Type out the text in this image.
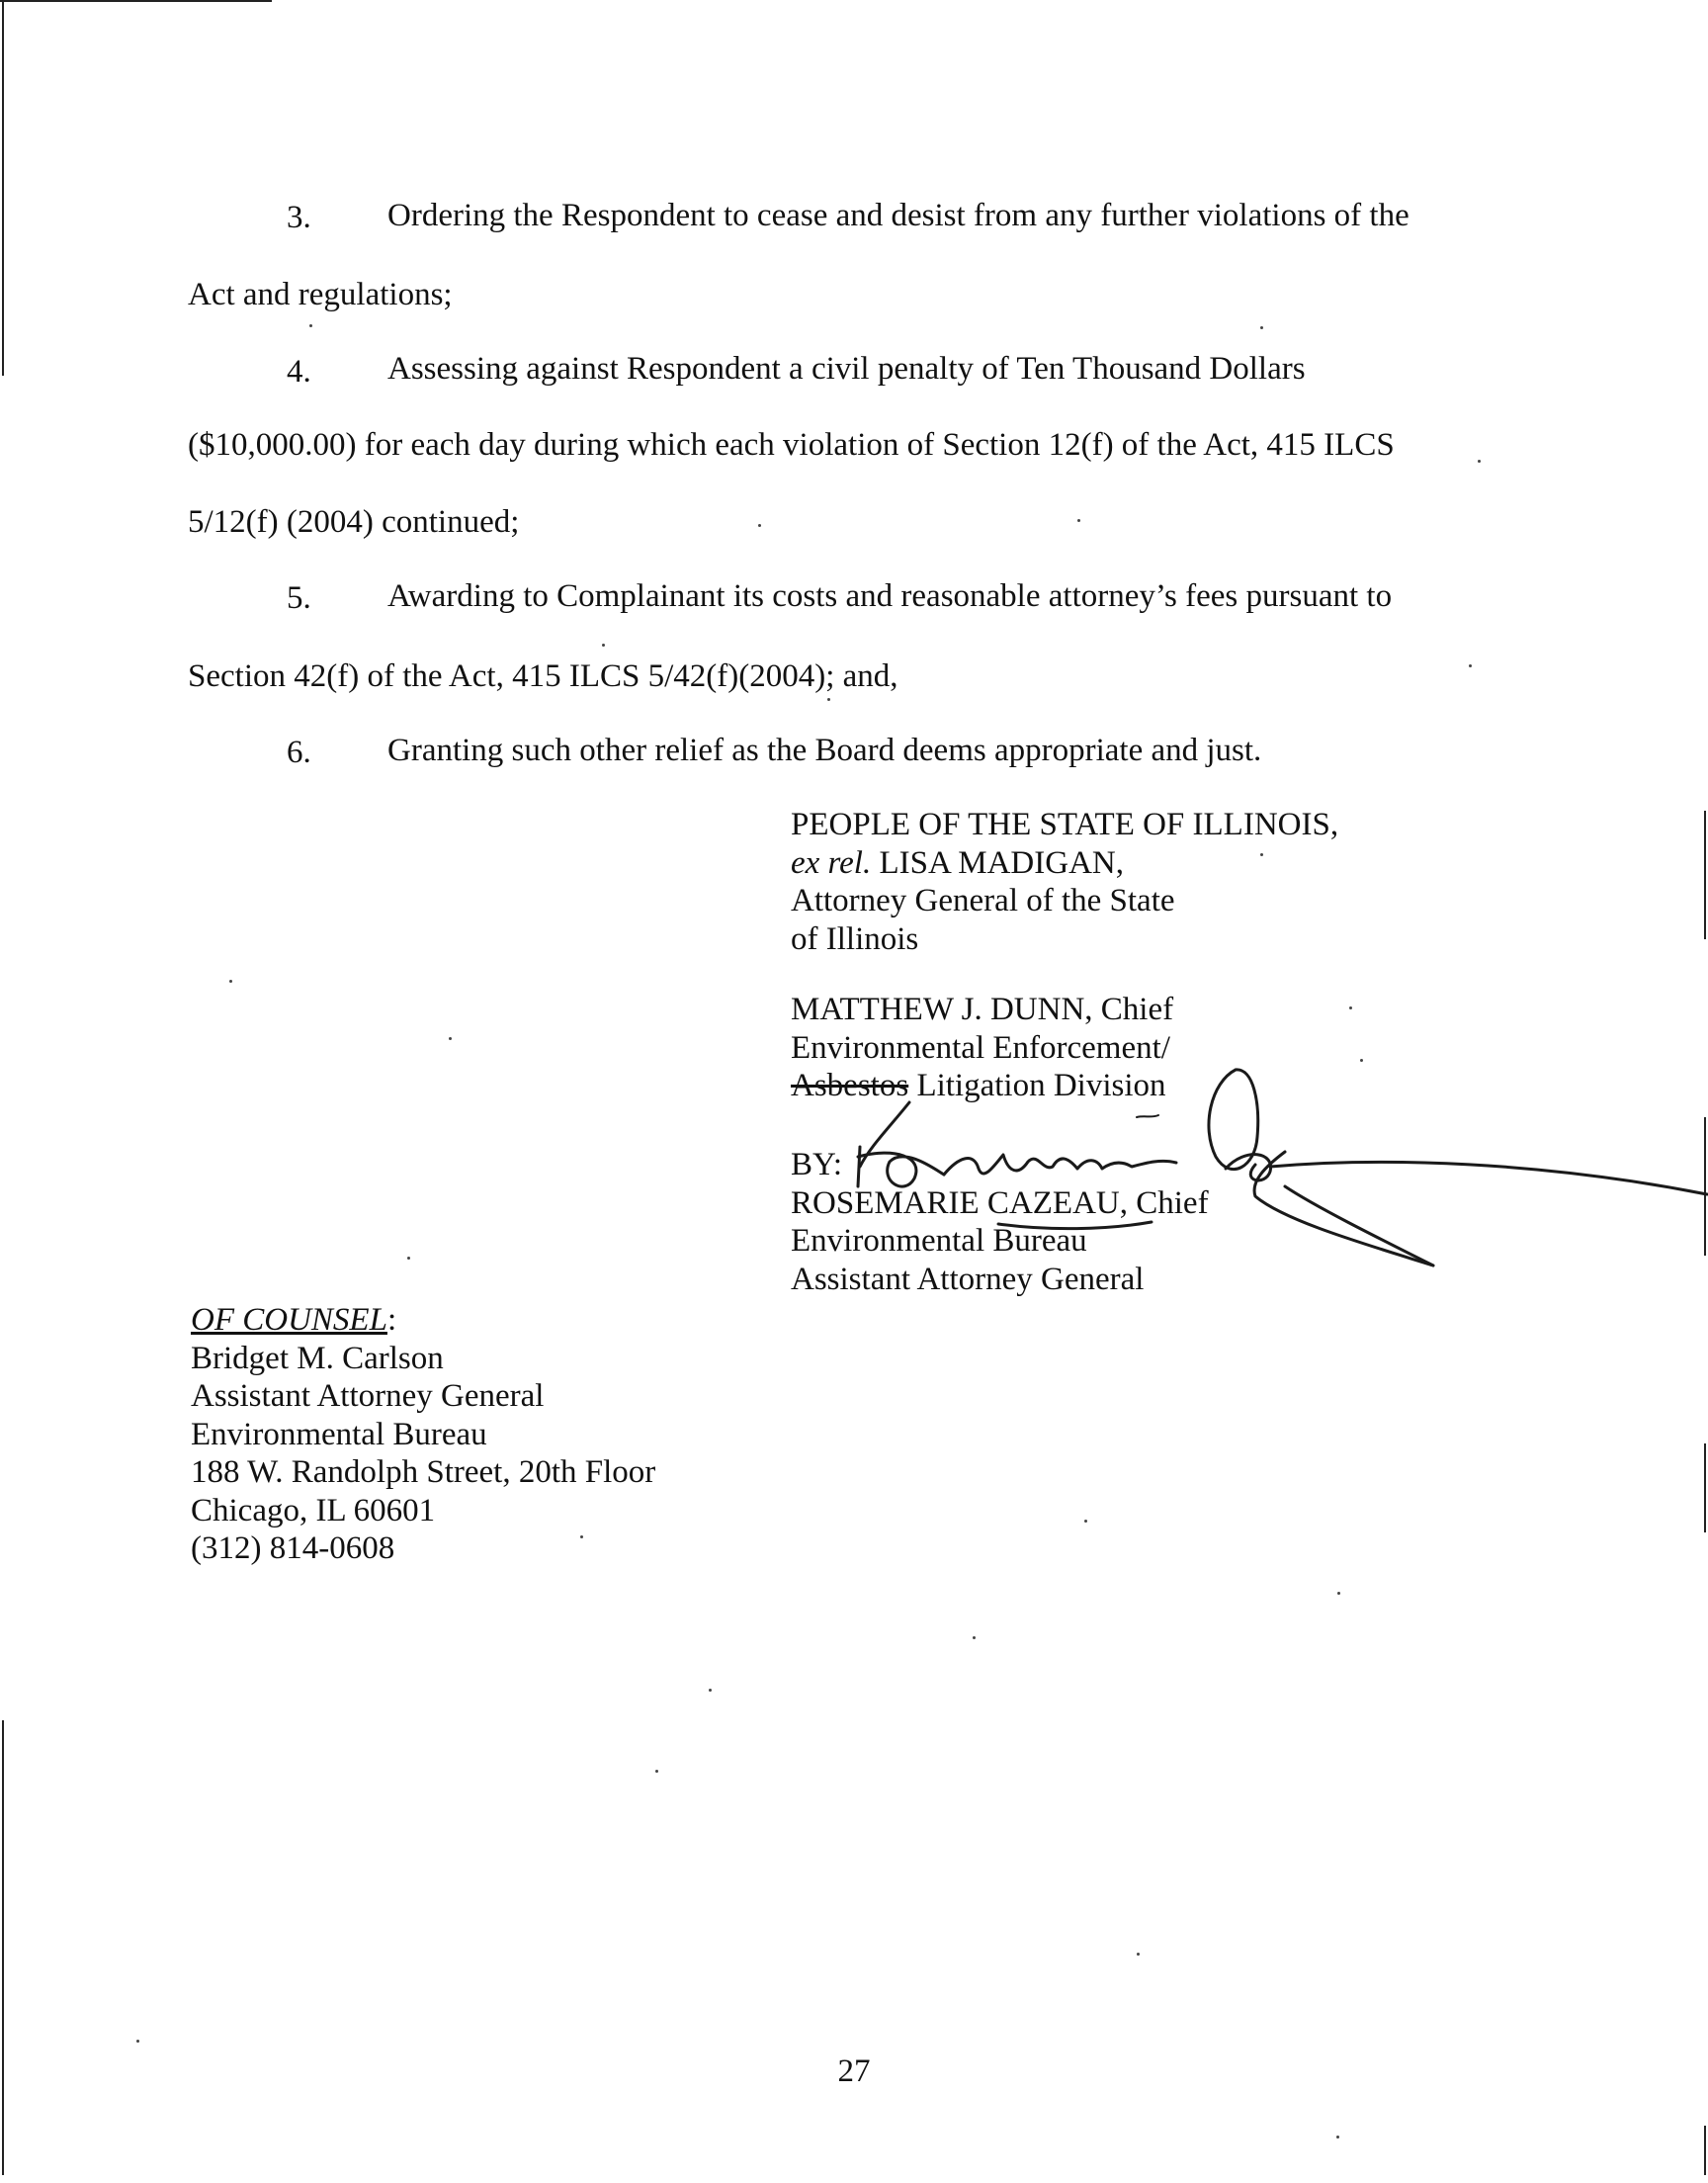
3. Ordering the Respondent to cease and desist from any further violations of the
Act and regulations;
4. Assessing against Respondent a civil penalty of Ten Thousand Dollars
($10,000.00) for each day during which each violation of Section 12(f) of the Act, 415 ILCS
5/12(f) (2004) continued;
5. Awarding to Complainant its costs and reasonable attorney’s fees pursuant to
Section 42(f) of the Act, 415 ILCS 5/42(f)(2004); and,
6. Granting such other relief as the Board deems appropriate and just.
PEOPLE OF THE STATE OF ILLINOIS,
ex rel. LISA MADIGAN,
Attorney General of the State
of Illinois
MATTHEW J. DUNN, Chief
Environmental Enforcement/
Asbestos Litigation Division
BY:
ROSEMARIE CAZEAU, Chief
Environmental Bureau
Assistant Attorney General
OF COUNSEL:
Bridget M. Carlson
Assistant Attorney General
Environmental Bureau
188 W. Randolph Street, 20th Floor
Chicago, IL 60601
(312) 814-0608
27
